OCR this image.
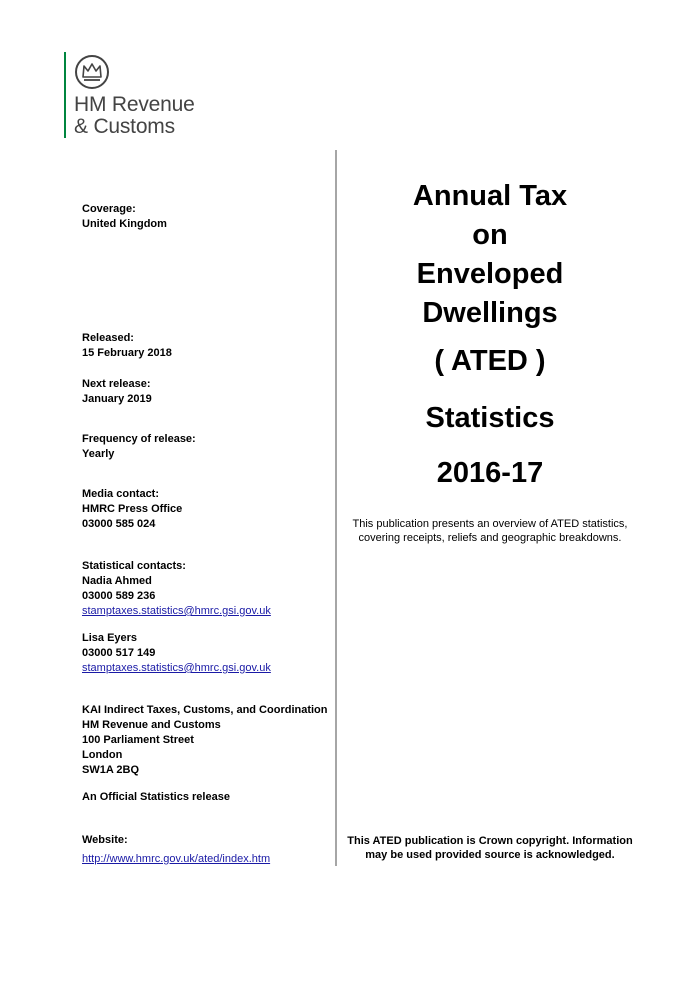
HM Revenue
& Customs
Coverage:
United Kingdom
Released:
15 February 2018
Next release:
January 2019
Frequency of release:
Yearly
Media contact:
HMRC Press Office
03000 585 024
Statistical contacts:
Nadia Ahmed
03000 589 236
stamptaxes.statistics@hmrc.gsi.gov.uk
Lisa Eyers
03000 517 149
stamptaxes.statistics@hmrc.gsi.gov.uk
KAI Indirect Taxes, Customs, and Coordination
HM Revenue and Customs
100 Parliament Street
London
SW1A 2BQ
An Official Statistics release
Website:
http://www.hmrc.gov.uk/ated/index.htm
Annual Tax
on
Enveloped
Dwellings
( ATED )
Statistics
2016-17
This publication presents an overview of ATED statistics,
covering receipts, reliefs and geographic breakdowns.
This ATED publication is Crown copyright. Information
may be used provided source is acknowledged.
